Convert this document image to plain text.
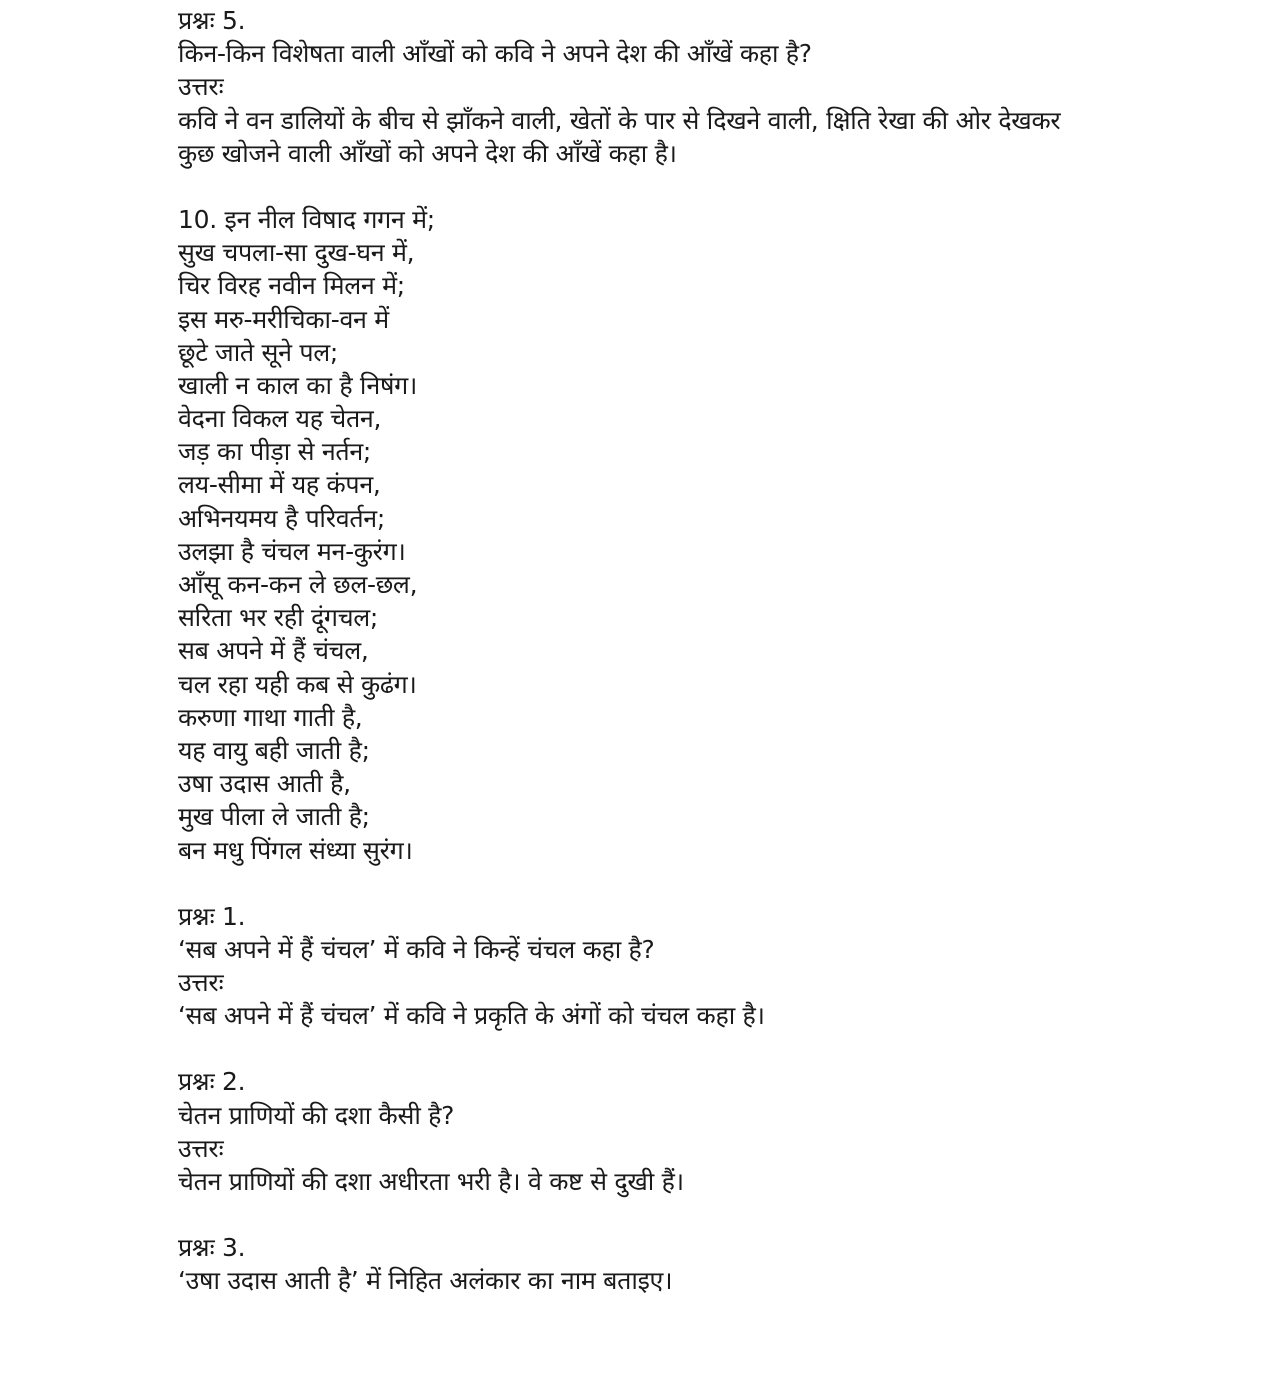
प्रश्नः 5.
किन-किन विशेषता वाली आँखों को कवि ने अपने देश की आँखें कहा है?
उत्तरः
कवि ने वन डालियों के बीच से झाँकने वाली, खेतों के पार से दिखने वाली, क्षिति रेखा की ओर देखकर
कुछ खोजने वाली आँखों को अपने देश की आँखें कहा है।
10. इन नील विषाद गगन में;
सुख चपला-सा दुख-घन में,
चिर विरह नवीन मिलन में;
इस मरु-मरीचिका-वन में
छूटे जाते सूने पल;
खाली न काल का है निषंग।
वेदना विकल यह चेतन,
जड़ का पीड़ा से नर्तन;
लय-सीमा में यह कंपन,
अभिनयमय है परिवर्तन;
उलझा है चंचल मन-कुरंग।
आँसू कन-कन ले छल-छल,
सरिता भर रही दूंगचल;
सब अपने में हैं चंचल,
चल रहा यही कब से कुढंग।
करुणा गाथा गाती है,
यह वायु बही जाती है;
उषा उदास आती है,
मुख पीला ले जाती है;
बन मधु पिंगल संध्या सुरंग।
प्रश्नः 1.
‘सब अपने में हैं चंचल’ में कवि ने किन्हें चंचल कहा है?
उत्तरः
‘सब अपने में हैं चंचल’ में कवि ने प्रकृति के अंगों को चंचल कहा है।
प्रश्नः 2.
चेतन प्राणियों की दशा कैसी है?
उत्तरः
चेतन प्राणियों की दशा अधीरता भरी है। वे कष्ट से दुखी हैं।
प्रश्नः 3.
‘उषा उदास आती है’ में निहित अलंकार का नाम बताइए।
